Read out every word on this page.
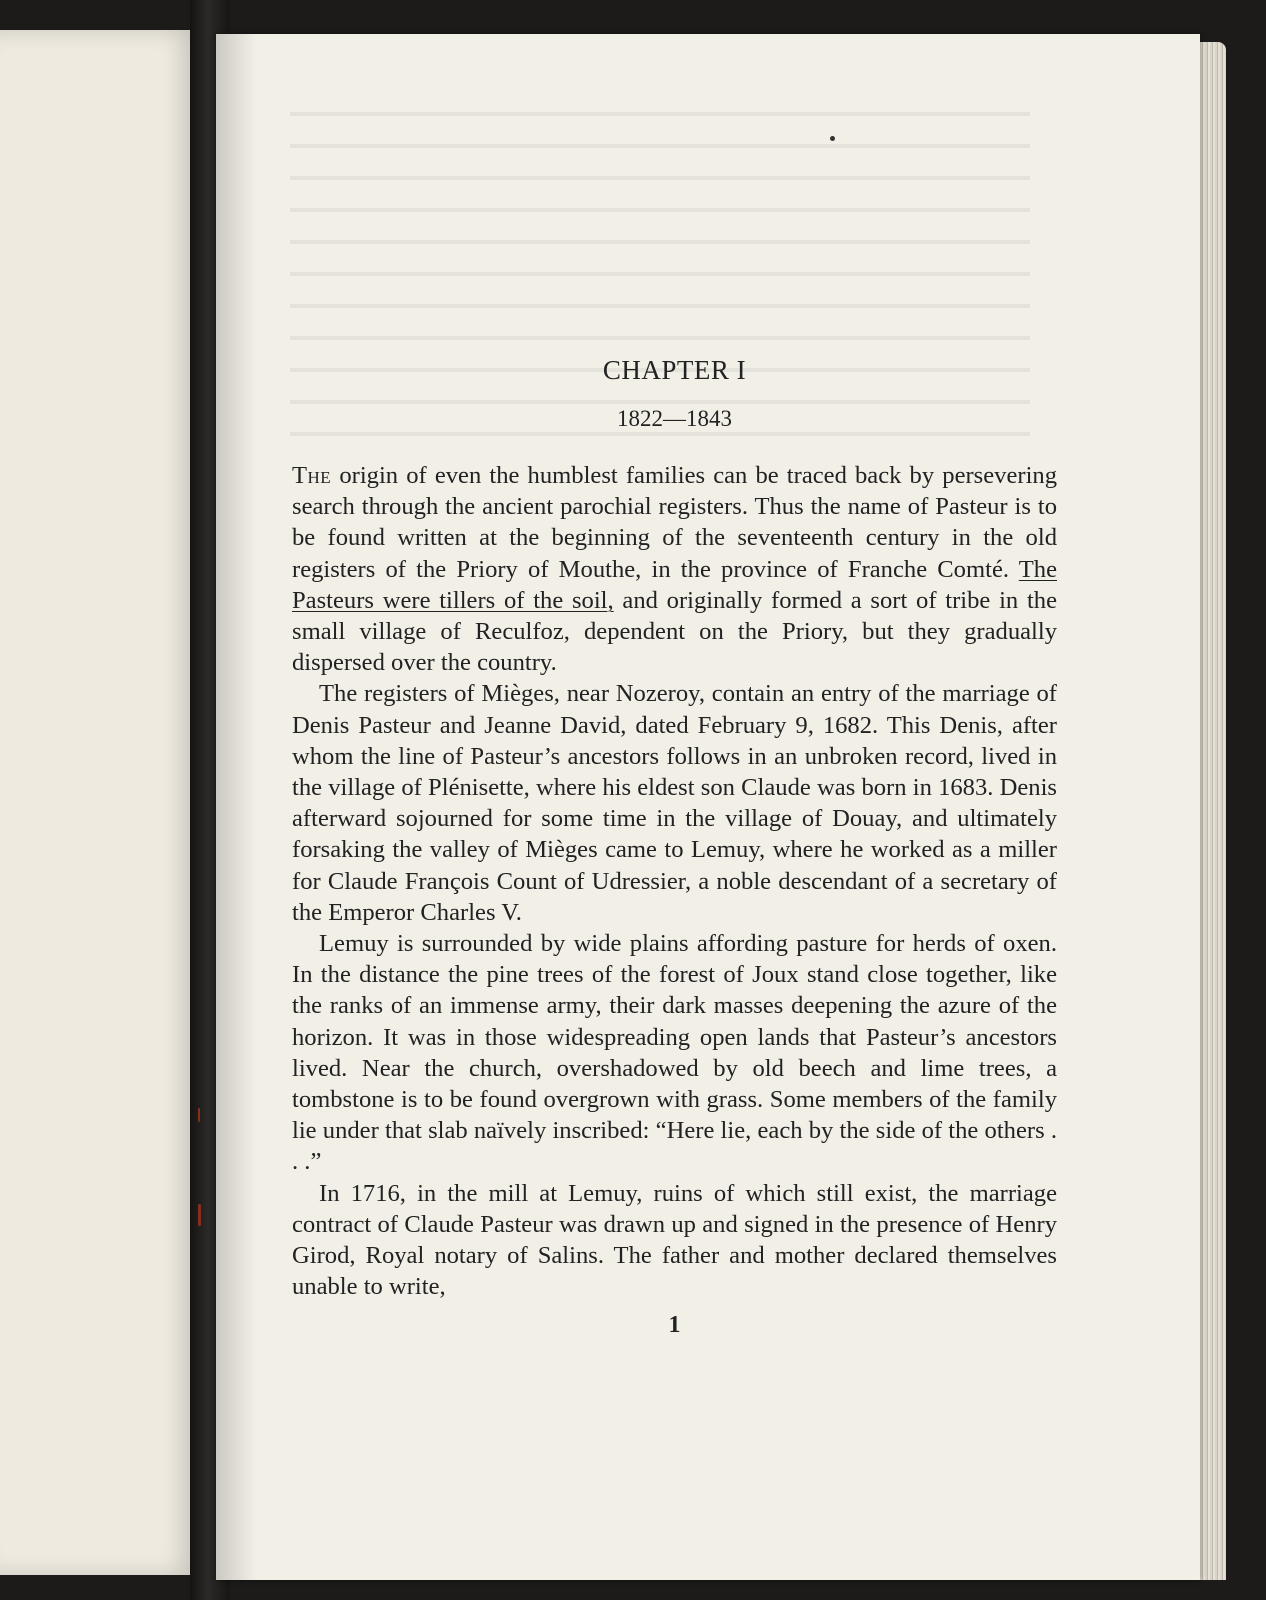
CHAPTER I
1822—1843

The origin of even the humblest families can be traced back by persevering search through the ancient parochial registers. Thus the name of Pasteur is to be found written at the beginning of the seventeenth century in the old registers of the Priory of Mouthe, in the province of Franche Comté. The Pasteurs were tillers of the soil, and originally formed a sort of tribe in the small village of Reculfoz, dependent on the Priory, but they gradually dispersed over the country.

The registers of Mièges, near Nozeroy, contain an entry of the marriage of Denis Pasteur and Jeanne David, dated February 9, 1682. This Denis, after whom the line of Pasteur’s ancestors follows in an unbroken record, lived in the village of Plénisette, where his eldest son Claude was born in 1683. Denis afterward sojourned for some time in the village of Douay, and ultimately forsaking the valley of Mièges came to Lemuy, where he worked as a miller for Claude François Count of Udressier, a noble descendant of a secretary of the Emperor Charles V.

Lemuy is surrounded by wide plains affording pasture for herds of oxen. In the distance the pine trees of the forest of Joux stand close together, like the ranks of an immense army, their dark masses deepening the azure of the horizon. It was in those widespreading open lands that Pasteur’s ancestors lived. Near the church, overshadowed by old beech and lime trees, a tombstone is to be found overgrown with grass. Some members of the family lie under that slab naïvely inscribed: “Here lie, each by the side of the others . . .”

In 1716, in the mill at Lemuy, ruins of which still exist, the marriage contract of Claude Pasteur was drawn up and signed in the presence of Henry Girod, Royal notary of Salins. The father and mother declared themselves unable to write,

1
